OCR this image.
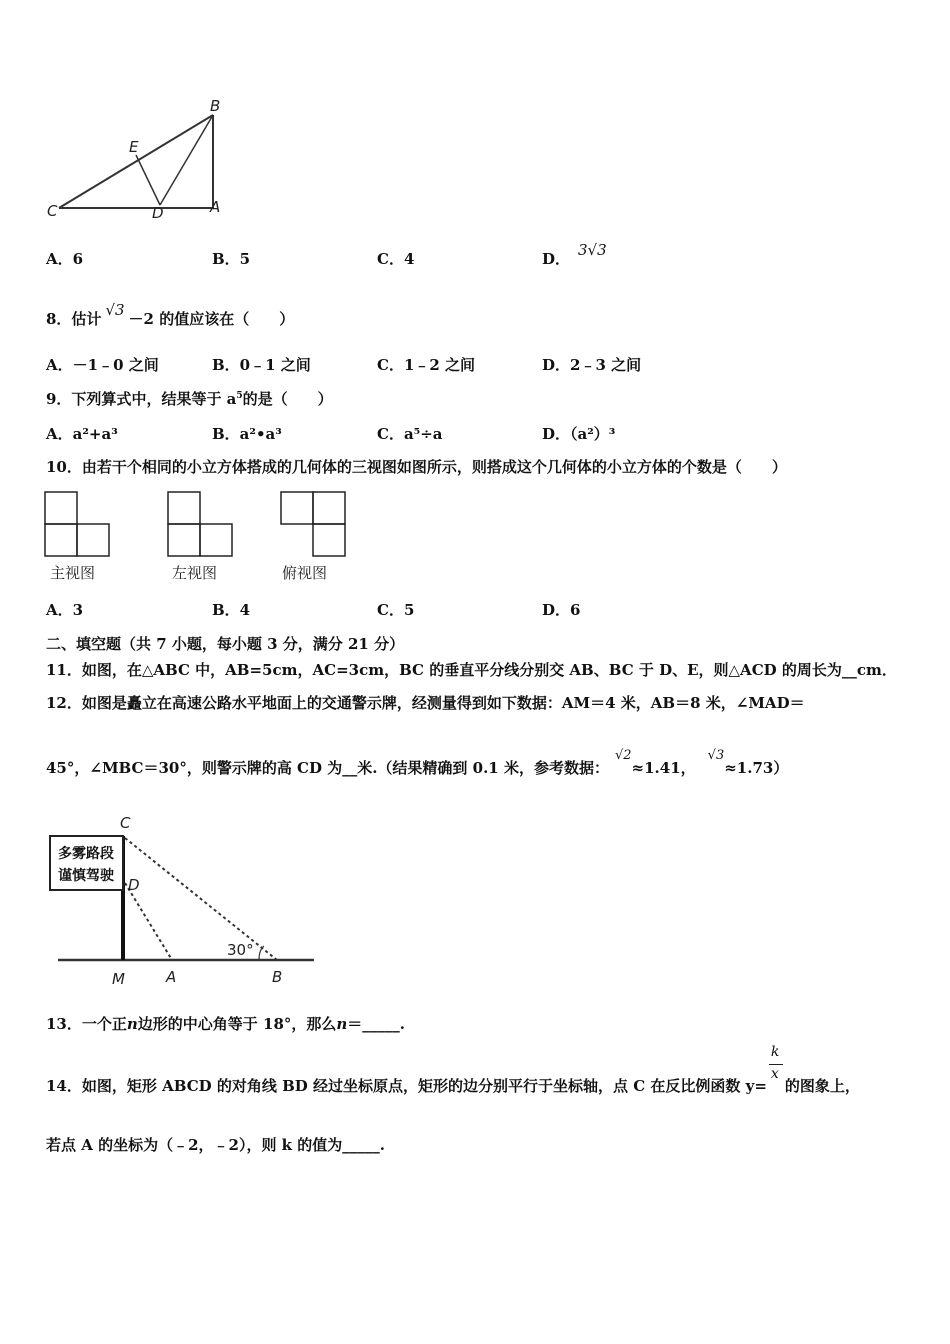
B
E
C	D	A
A．6	B．5	C．4	D． 3√3
8．估计 √3 －2 的值应该在（　　）
A．－1﹣0 之间	B．0﹣1 之间	C．1﹣2 之间	D．2﹣3 之间
9．下列算式中，结果等于 $a^5$的是（　　）
A．a²+a³	B．a²•a³	C．a⁵÷a	D．（a²）³
10．由若干个相同的小立方体搭成的几何体的三视图如图所示，则搭成这个几何体的小立方体的个数是（　　）
主视图	左视图	俯视图
A．3	B．4	C．5	D．6
二、填空题（共 7 小题，每小题 3 分，满分 21 分）
11．如图，在△ABC 中，AB=5cm，AC=3cm，BC 的垂直平分线分别交 AB、BC 于 D、E，则△ACD 的周长为__cm．
12．如图是矗立在高速公路水平地面上的交通警示牌，经测量得到如下数据：AM＝4 米，AB＝8 米，∠MAD＝
45°，∠MBC＝30°，则警示牌的高 CD 为__米.（结果精确到 0.1 米，参考数据：√2≈1.41，√3≈1.73）
多雾路段
谨慎驾驶
30°
C
D
M	A	B
13．一个正n边形的中心角等于 18°，那么n＝_____.
14．如图，矩形 ABCD 的对角线 BD 经过坐标原点，矩形的边分别平行于坐标轴，点 C 在反比例函数 $y= \frac{k}{x}$ 的图象上，
若点 A 的坐标为（﹣2，﹣2），则 k 的值为_____.
